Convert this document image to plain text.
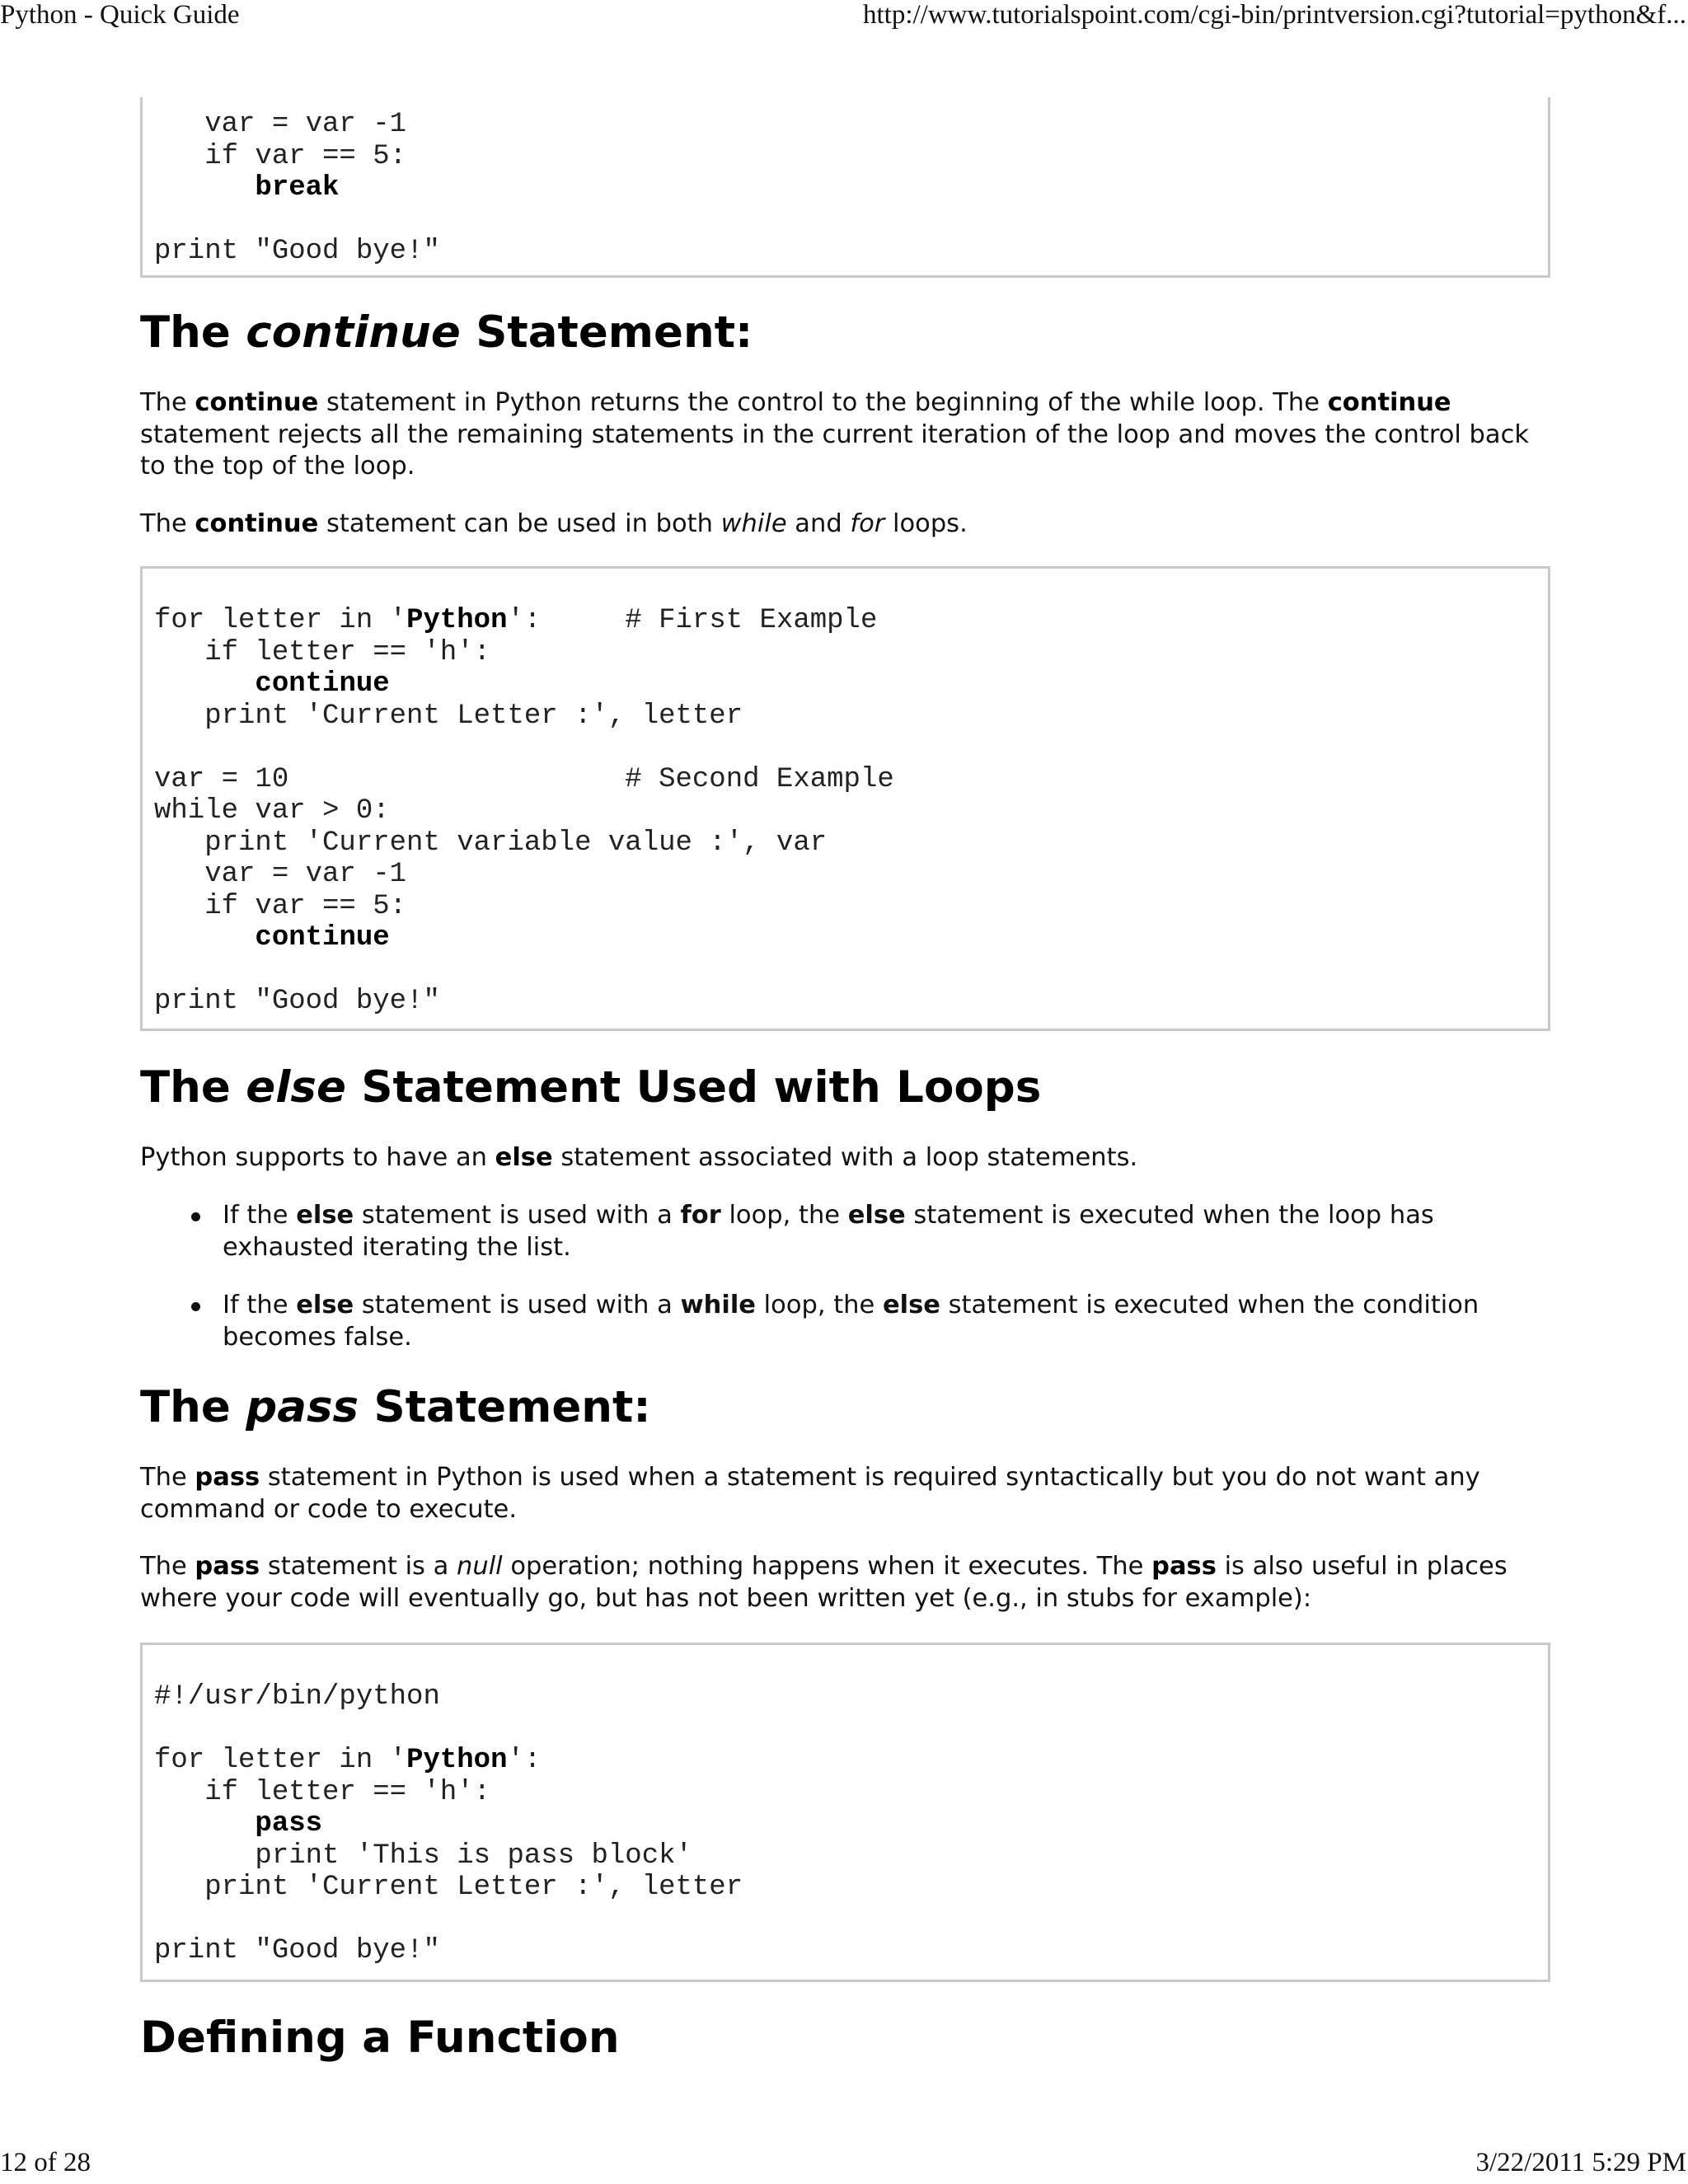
Python - Quick Guide	http://www.tutorialspoint.com/cgi-bin/printversion.cgi?tutorial=python&f...
var = var -1
if var == 5:
break

print "Good bye!"
The continue Statement:

The continue statement in Python returns the control to the beginning of the while loop. The continue statement rejects all the remaining statements in the current iteration of the loop and moves the control back to the top of the loop.

The continue statement can be used in both while and for loops.

for letter in 'Python':     # First Example
if letter == 'h':
continue
print 'Current Letter :', letter

var = 10                    # Second Example
while var > 0:
print 'Current variable value :', var
var = var -1
if var == 5:
continue

print "Good bye!"
The else Statement Used with Loops

Python supports to have an else statement associated with a loop statements.

If the else statement is used with a for loop, the else statement is executed when the loop has exhausted iterating the list.
If the else statement is used with a while loop, the else statement is executed when the condition becomes false.
The pass Statement:

The pass statement in Python is used when a statement is required syntactically but you do not want any command or code to execute.

The pass statement is a null operation; nothing happens when it executes. The pass is also useful in places where your code will eventually go, but has not been written yet (e.g., in stubs for example):

#!/usr/bin/python

for letter in 'Python':
if letter == 'h':
pass
print 'This is pass block'
print 'Current Letter :', letter

print "Good bye!"
Defining a Function
12 of 28	3/22/2011 5:29 PM
